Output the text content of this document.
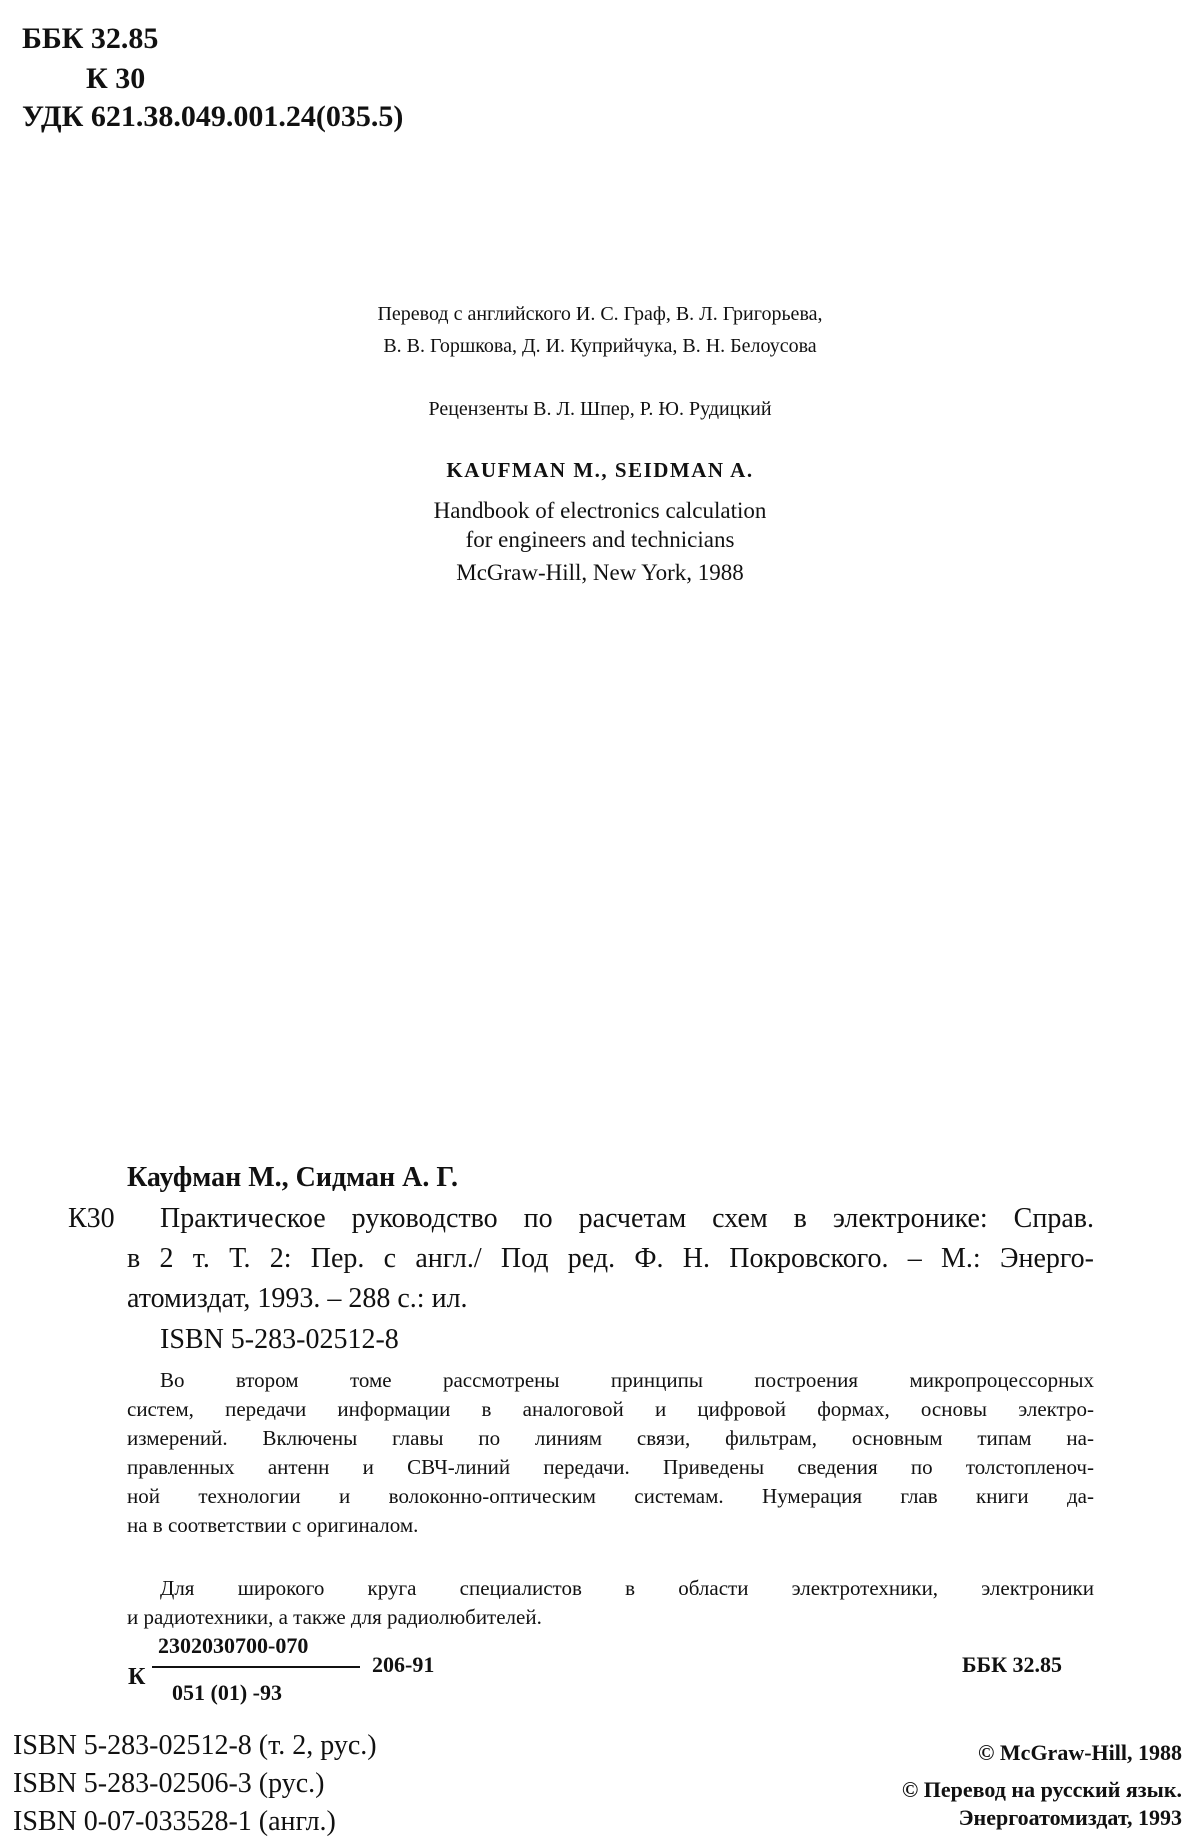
ББК 32.85
К 30
УДК 621.38.049.001.24(035.5)
Перевод с английского И. С. Граф, В. Л. Григорьева,
В. В. Горшкова, Д. И. Куприйчука, В. Н. Белоусова
Рецензенты В. Л. Шпер, Р. Ю. Рудицкий
KAUFMAN M., SEIDMAN A.
Handbook of electronics calculation
for engineers and technicians
McGraw-Hill, New York, 1988
Кауфман М., Сидман А. Г.
К30 Практическое руководство по расчетам схем в электронике: Справ.
в 2 т. Т. 2: Пер. с англ./ Под ред. Ф. Н. Покровского. – М.: Энерго-
атомиздат, 1993. – 288 с.: ил.
ISBN 5-283-02512-8
Во втором томе рассмотрены принципы построения микропроцессорных
систем, передачи информации в аналоговой и цифровой формах, основы электро-
измерений. Включены главы по линиям связи, фильтрам, основным типам на-
правленных антенн и СВЧ-линий передачи. Приведены сведения по толстопленоч-
ной технологии и волоконно-оптическим системам. Нумерация глав книги да-
на в соответствии с оригиналом.
Для широкого круга специалистов в области электротехники, электроники
и радиотехники, а также для радиолюбителей.
К
2302030700-070
051 (01) -93
206-91	ББК 32.85
ISBN 5-283-02512-8 (т. 2, рус.)
ISBN 5-283-02506-3 (рус.)
ISBN 0-07-033528-1 (англ.)
© McGraw-Hill, 1988
© Перевод на русский язык.
Энергоатомиздат, 1993
